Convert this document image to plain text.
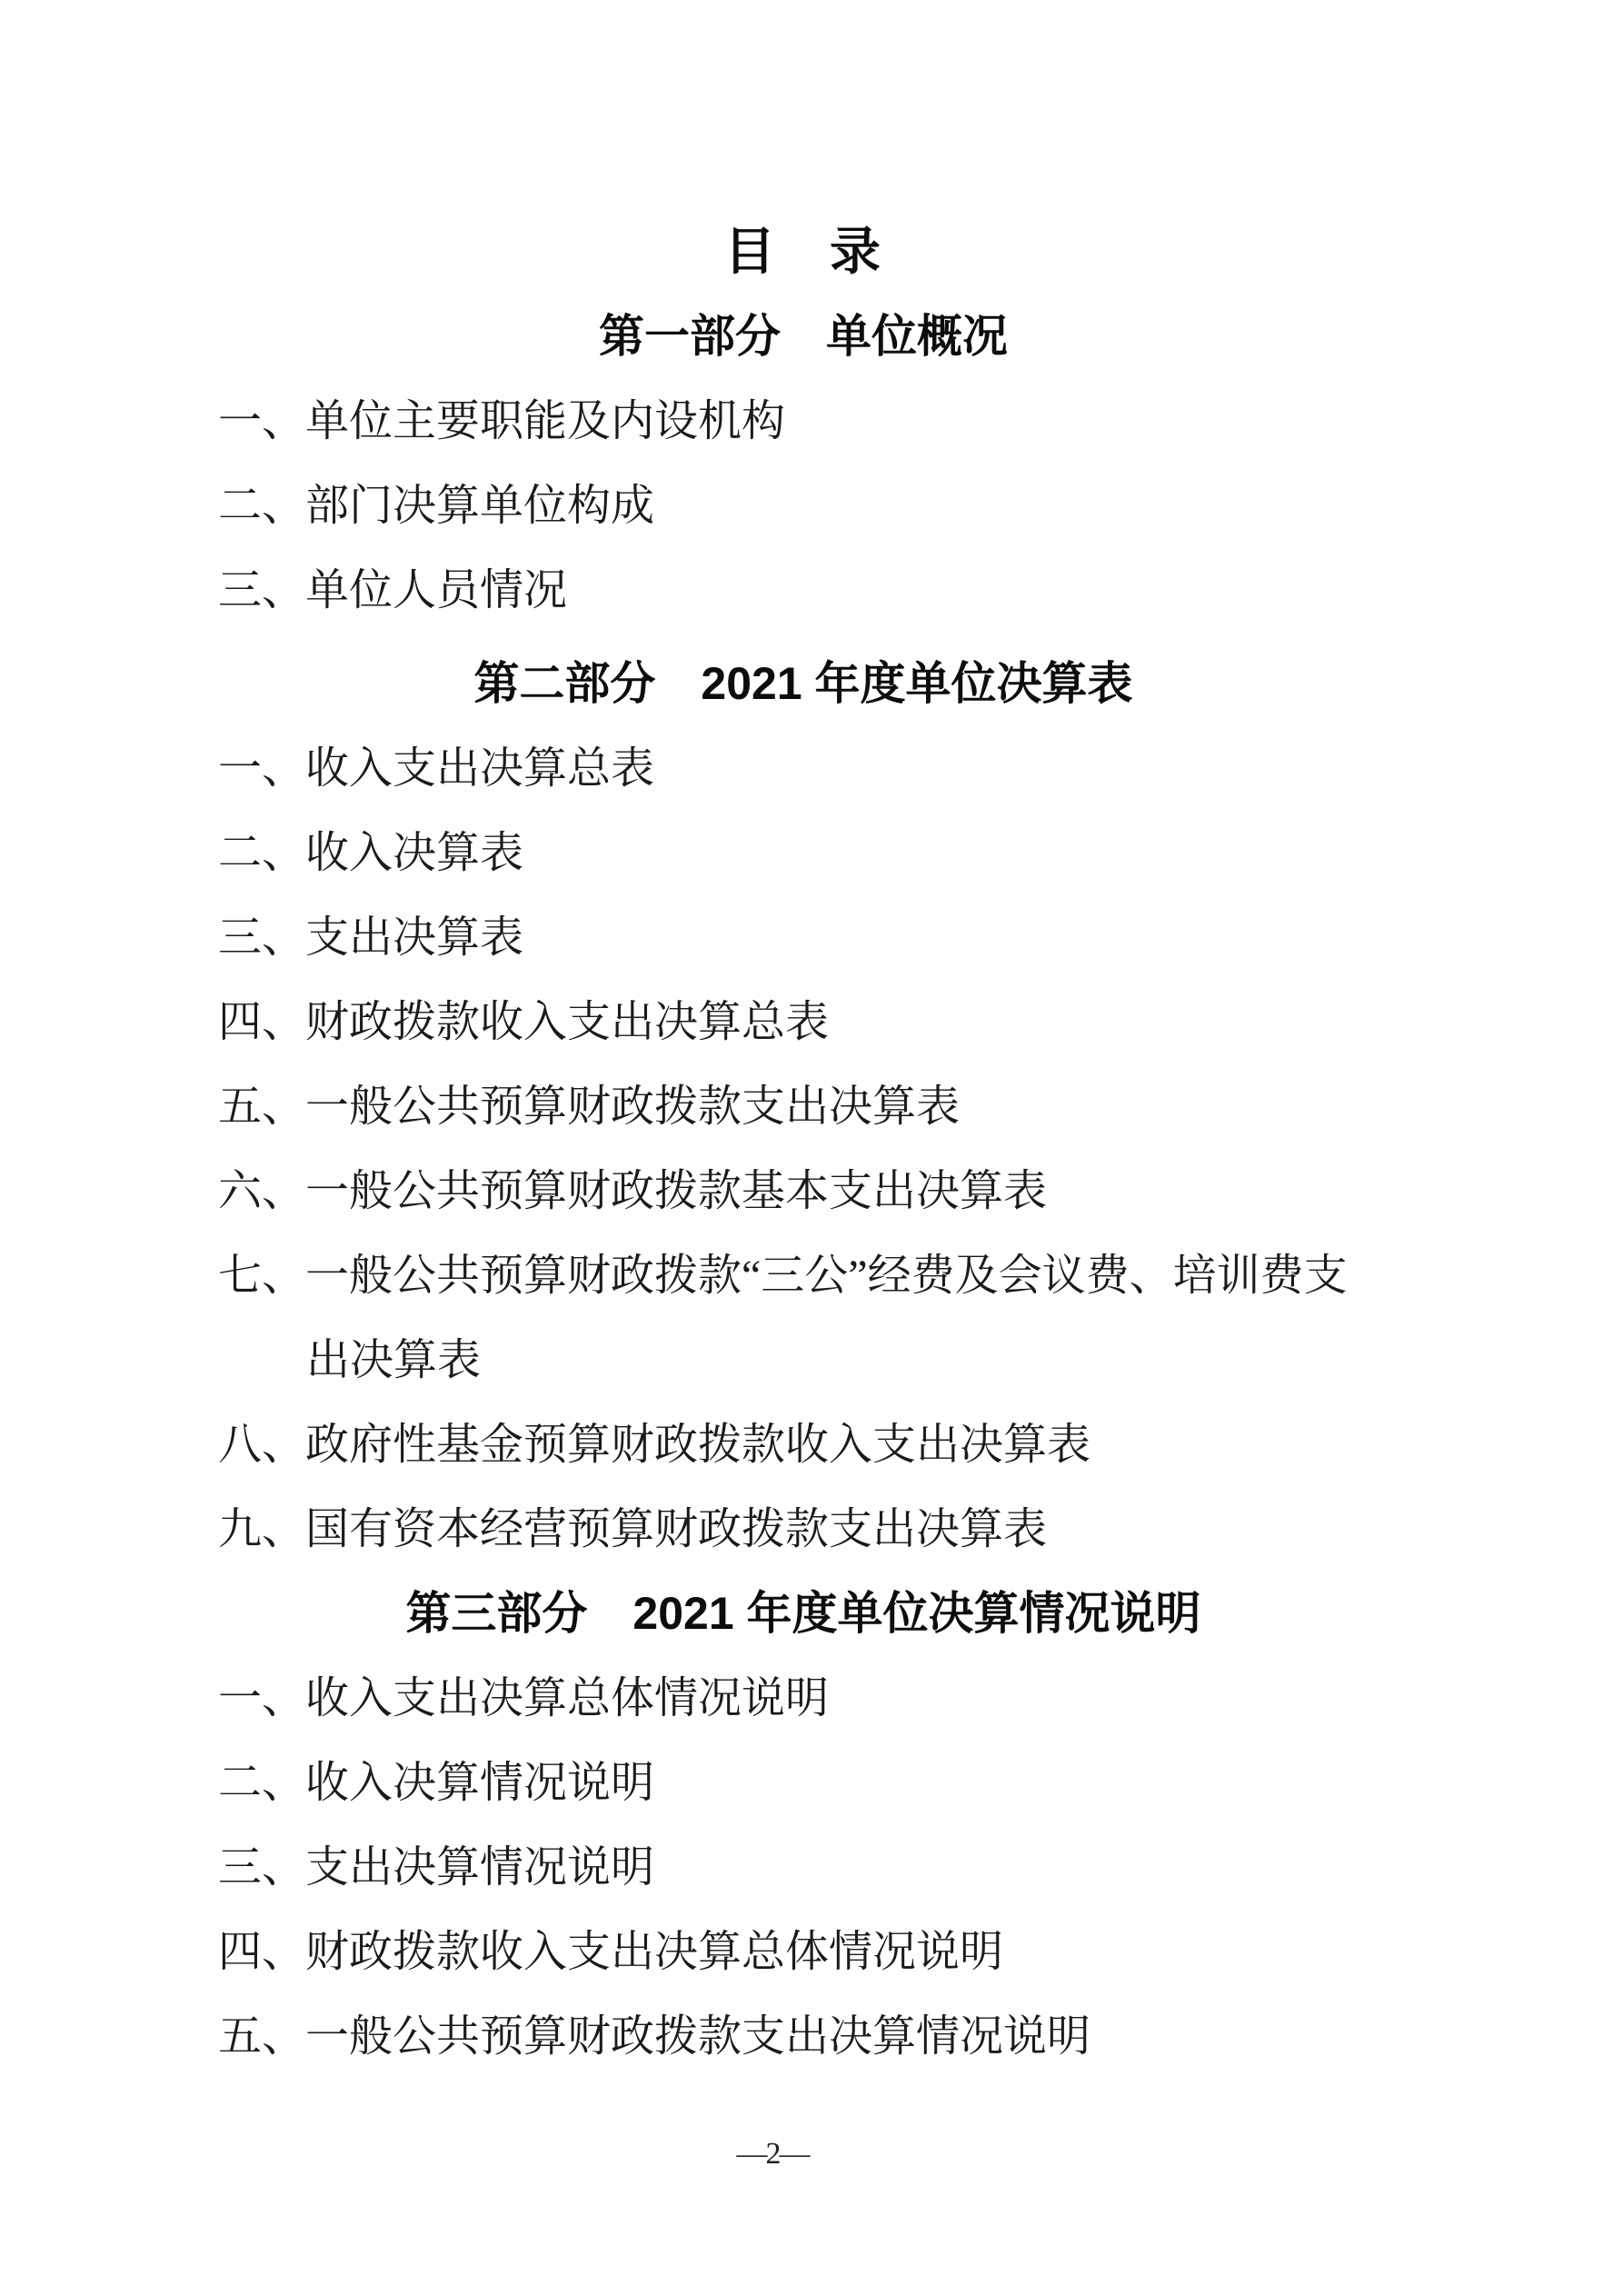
目　录
第一部分　单位概况
一、单位主要职能及内设机构
二、部门决算单位构成
三、单位人员情况
第二部分　2021 年度单位决算表
一、收入支出决算总表
二、收入决算表
三、支出决算表
四、财政拨款收入支出决算总表
五、一般公共预算财政拨款支出决算表
六、一般公共预算财政拨款基本支出决算表
七、一般公共预算财政拨款“三公”经费及会议费、培训费支
出决算表
八、政府性基金预算财政拨款收入支出决算表
九、国有资本经营预算财政拨款支出决算表
第三部分　2021 年度单位决算情况说明
一、收入支出决算总体情况说明
二、收入决算情况说明
三、支出决算情况说明
四、财政拨款收入支出决算总体情况说明
五、一般公共预算财政拨款支出决算情况说明
—2—
